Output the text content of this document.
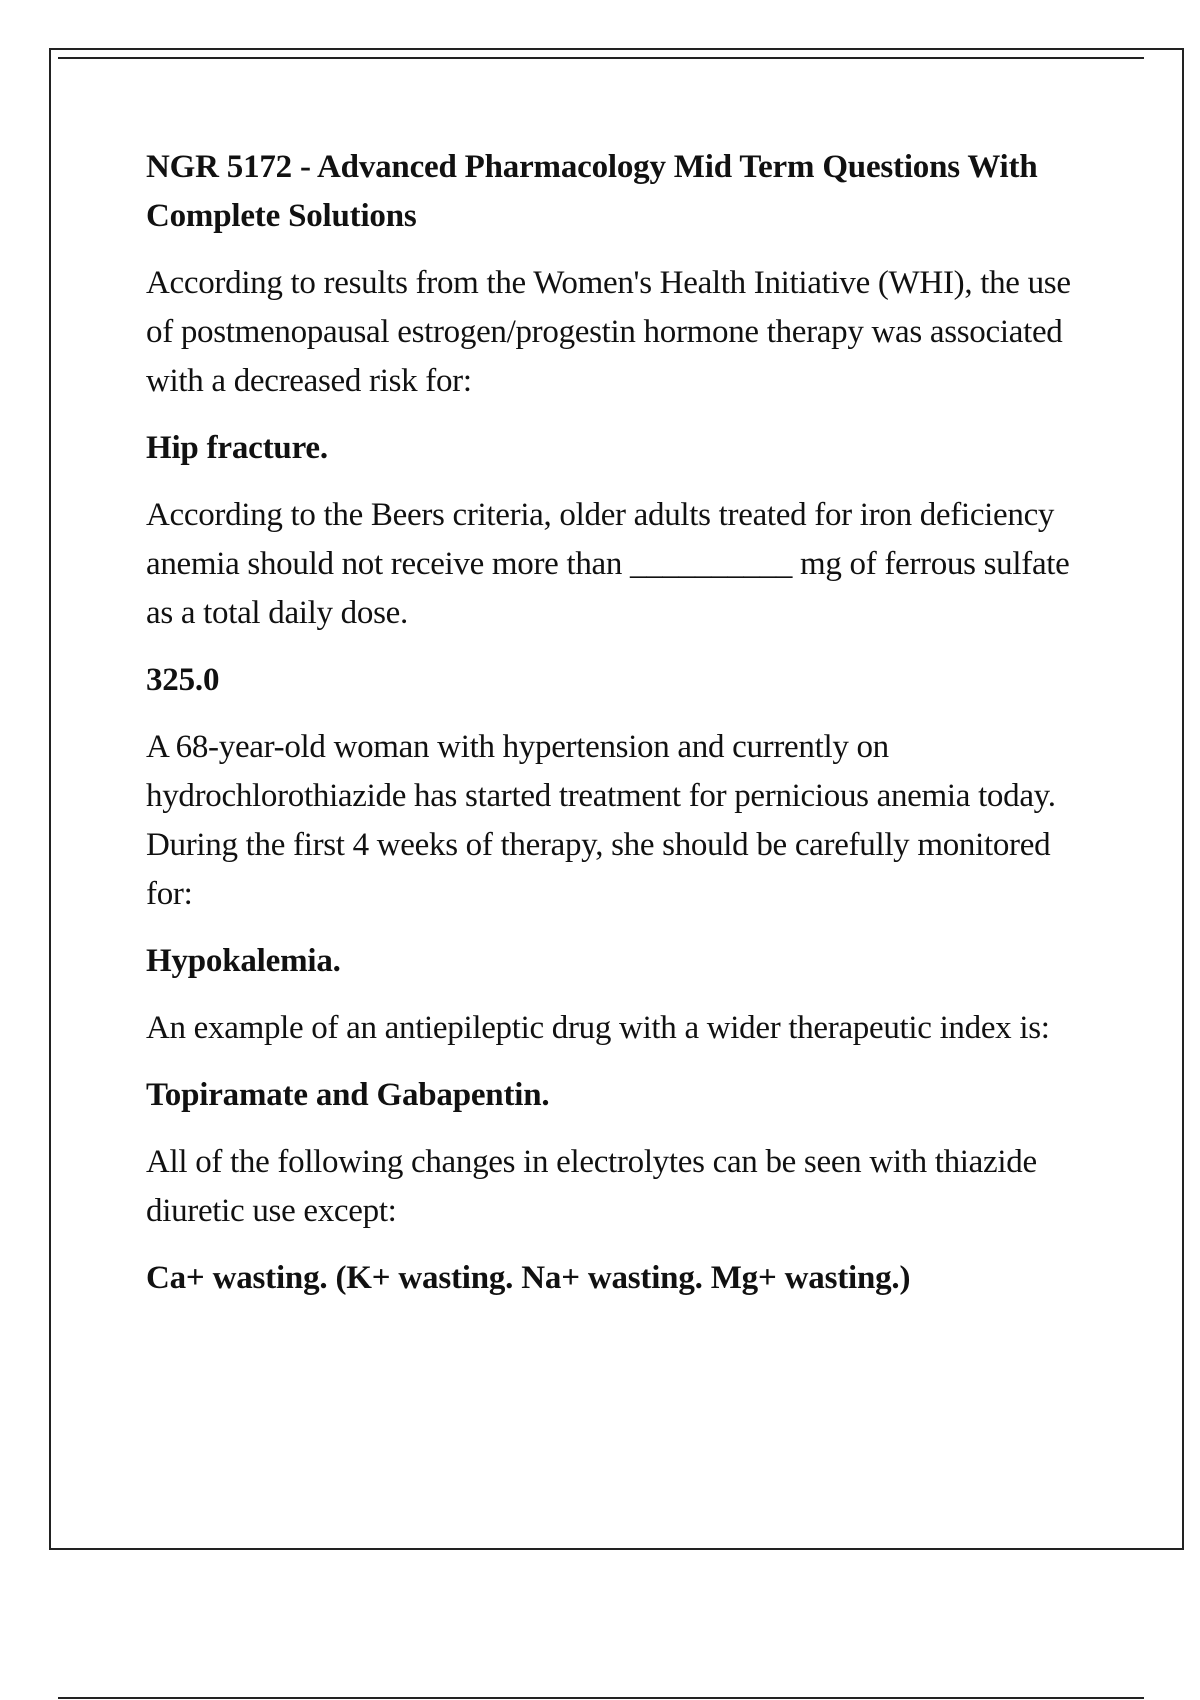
NGR 5172 - Advanced Pharmacology Mid Term Questions With Complete Solutions

According to results from the Women's Health Initiative (WHI), the use of postmenopausal estrogen/progestin hormone therapy was associated with a decreased risk for:

Hip fracture.

According to the Beers criteria, older adults treated for iron deficiency anemia should not receive more than __________ mg of ferrous sulfate as a total daily dose.

325.0

A 68-year-old woman with hypertension and currently on hydrochlorothiazide has started treatment for pernicious anemia today. During the first 4 weeks of therapy, she should be carefully monitored for:

Hypokalemia.

An example of an antiepileptic drug with a wider therapeutic index is:

Topiramate and Gabapentin.

All of the following changes in electrolytes can be seen with thiazide diuretic use except:

Ca+ wasting. (K+ wasting. Na+ wasting. Mg+ wasting.)
